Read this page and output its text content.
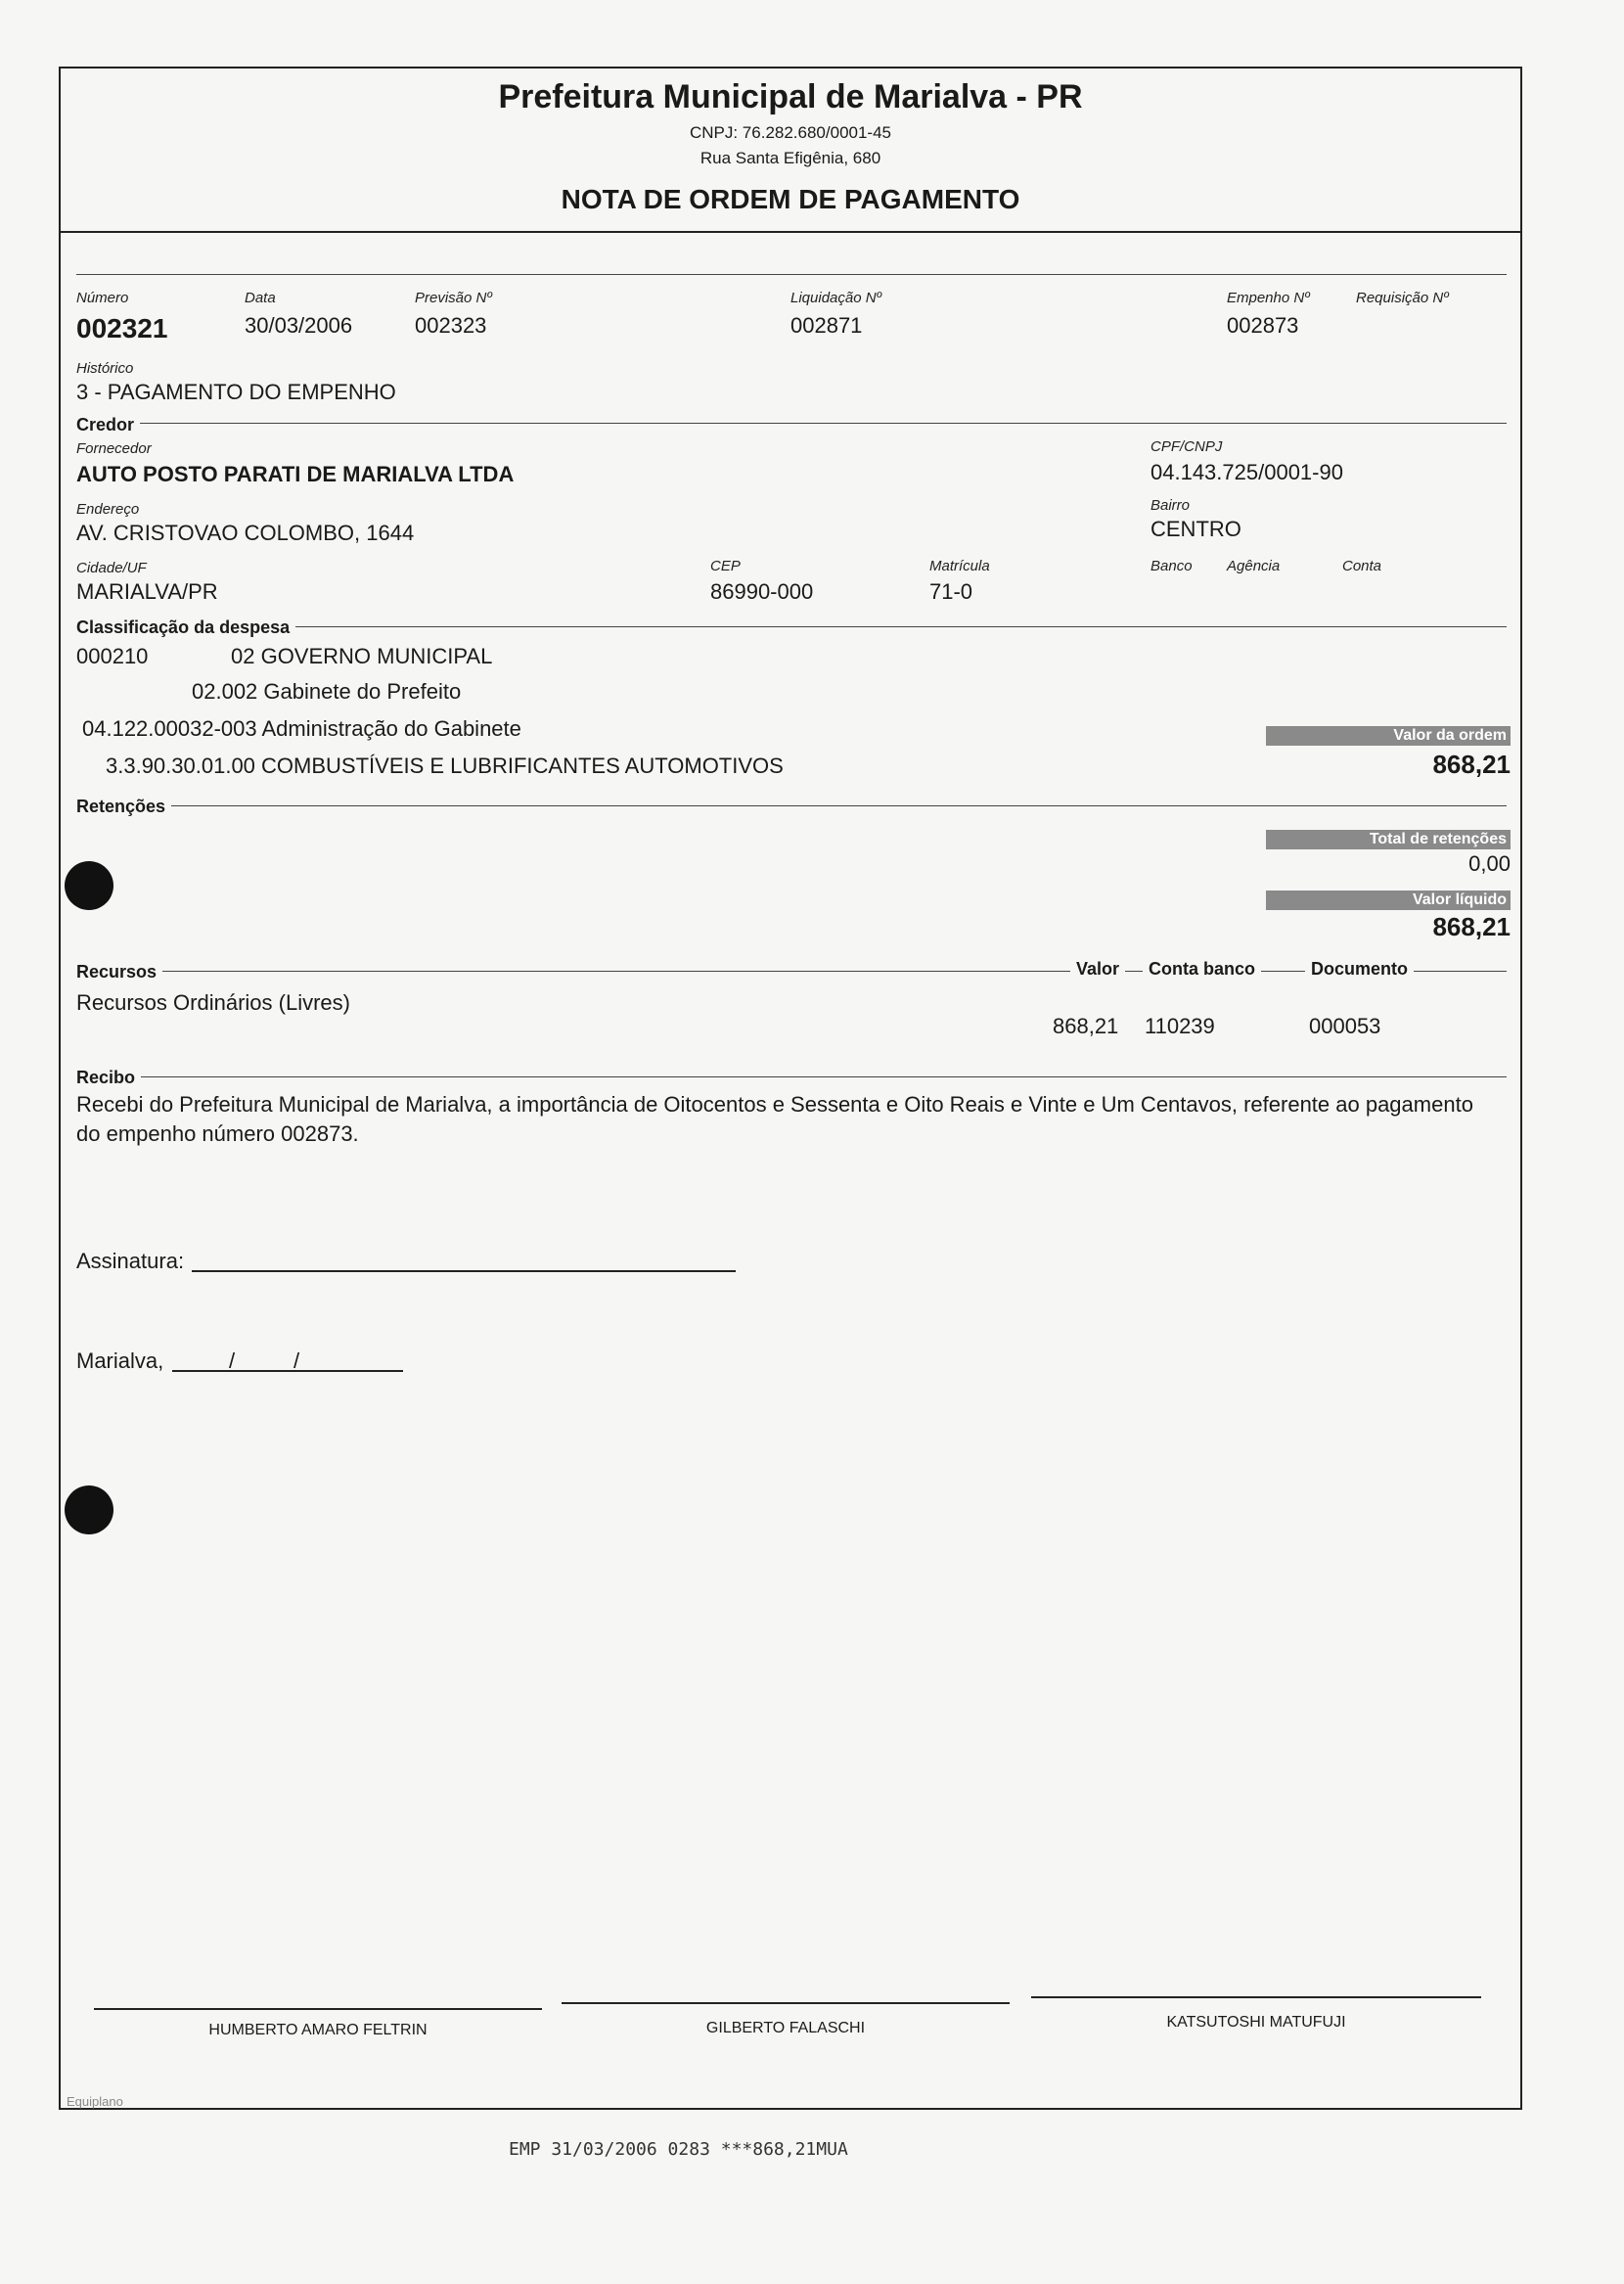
Prefeitura Municipal de Marialva - PR
CNPJ: 76.282.680/0001-45
Rua Santa Efigênia, 680
NOTA DE ORDEM DE PAGAMENTO
Número
002321
Data
30/03/2006
Previsão Nº
002323
Liquidação Nº
002871
Empenho Nº
002873
Requisição Nº
Histórico
3 - PAGAMENTO DO EMPENHO
Credor
Fornecedor
AUTO POSTO PARATI DE MARIALVA LTDA
CPF/CNPJ
04.143.725/0001-90
Endereço
AV. CRISTOVAO COLOMBO, 1644
Bairro
CENTRO
Cidade/UF
MARIALVA/PR
CEP
86990-000
Matrícula
71-0
Banco Agência	Conta
Classificação da despesa
000210	02 GOVERNO MUNICIPAL
02.002 Gabinete do Prefeito
04.122.00032-003 Administração do Gabinete
3.3.90.30.01.00 COMBUSTÍVEIS E LUBRIFICANTES AUTOMOTIVOS
Valor da ordem
868,21
Retenções
Total de retenções
0,00
Valor líquido
868,21
Recursos	Valor	Conta banco	Documento
Recursos Ordinários (Livres)
868,21 110239	000053
Recibo
Recebi do Prefeitura Municipal de Marialva, a importância de Oitocentos e Sessenta e Oito Reais e Vinte e Um Centavos, referente ao pagamento
do empenho número 002873.
Assinatura:
Marialva,	/	/
HUMBERTO AMARO FELTRIN	GILBERTO FALASCHI	KATSUTOSHI MATUFUJI
Equiplano
EMP 31/03/2006 0283 ***868,21MUA
